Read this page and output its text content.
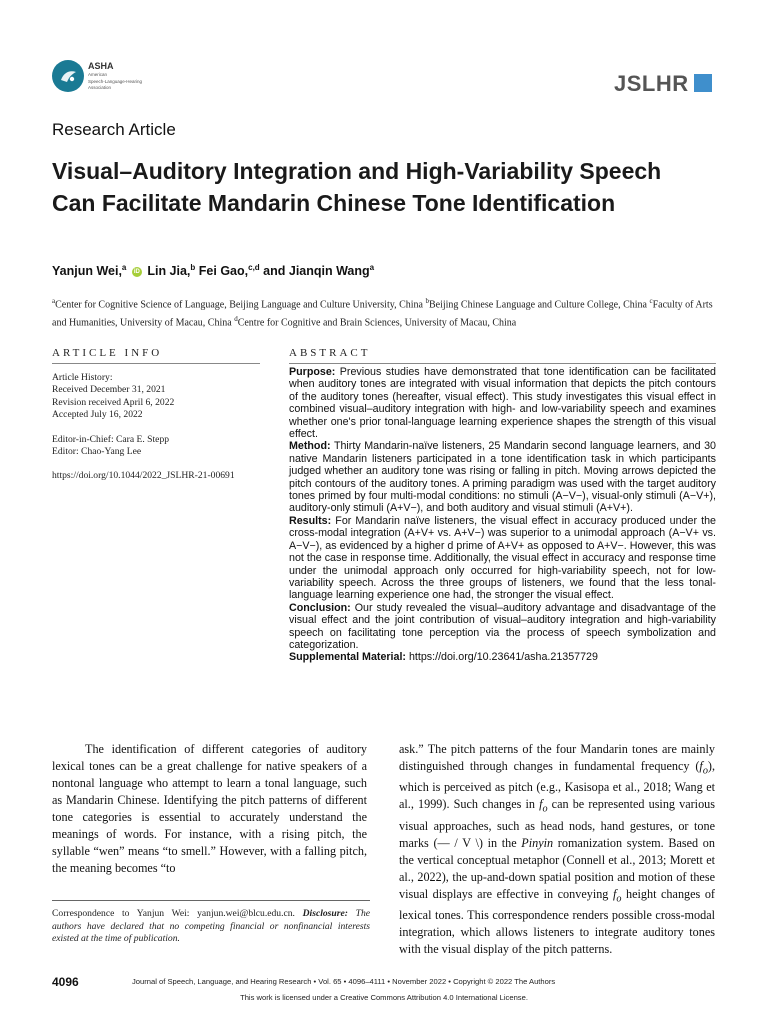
ASHA
American
Speech-Language-Hearing
Association	JSLHR
Research Article
Visual–Auditory Integration and High-Variability Speech Can Facilitate Mandarin Chinese Tone Identification
Yanjun Wei,$^a$ iD Lin Jia,$^b$ Fei Gao,$^{c,d}$ and Jianqin Wang$^a$
$^a$Center for Cognitive Science of Language, Beijing Language and Culture University, China $^b$Beijing Chinese Language and Culture College, China $^c$Faculty of Arts and Humanities, University of Macau, China $^d$Centre for Cognitive and Brain Sciences, University of Macau, China
ARTICLE INFO	ABSTRACT

Article History:
Received December 31, 2021
Revision received April 6, 2022
Accepted July 16, 2022

Editor-in-Chief: Cara E. Stepp
Editor: Chao-Yang Lee

https://doi.org/10.1044/2022_JSLHR-21-00691

Purpose: Previous studies have demonstrated that tone identification can be facilitated when auditory tones are integrated with visual information that depicts the pitch contours of the auditory tones (hereafter, visual effect). This study investigates this visual effect in combined visual–auditory integration with high- and low-variability speech and examines whether one's prior tonal-language learning experience shapes the strength of this visual effect.

Method: Thirty Mandarin-naïve listeners, 25 Mandarin second language learners, and 30 native Mandarin listeners participated in a tone identification task in which participants judged whether an auditory tone was rising or falling in pitch. Moving arrows depicted the pitch contours of the auditory tones. A priming paradigm was used with the target auditory tones primed by four multi-modal conditions: no stimuli (A−V−), visual-only stimuli (A−V+), auditory-only stimuli (A+V−), and both auditory and visual stimuli (A+V+).

Results: For Mandarin naïve listeners, the visual effect in accuracy produced under the cross-modal integration (A+V+ vs. A+V−) was superior to a unimodal approach (A−V+ vs. A−V−), as evidenced by a higher d prime of A+V+ as opposed to A+V−. However, this was not the case in response time. Additionally, the visual effect in accuracy and response time under the unimodal approach only occurred for high-variability speech, not for low-variability speech. Across the three groups of listeners, we found that the less tonal-language learning experience one had, the stronger the visual effect.

Conclusion: Our study revealed the visual–auditory advantage and disadvantage of the visual effect and the joint contribution of visual–auditory integration and high-variability speech on facilitating tone perception via the process of speech symbolization and categorization.

Supplemental Material: https://doi.org/10.23641/asha.21357729

The identification of different categories of auditory lexical tones can be a great challenge for native speakers of a nontonal language who attempt to learn a tonal language, such as Mandarin Chinese. Identifying the pitch patterns of different tone categories is essential to accurately understand the meanings of words. For instance, with a rising pitch, the syllable “wen” means “to smell.” However, with a falling pitch, the meaning becomes “to

ask.” The pitch patterns of the four Mandarin tones are mainly distinguished through changes in fundamental frequency $(f_o)$, which is perceived as pitch (e.g., Kasisopa et al., 2018; Wang et al., 1999). Such changes in $f_o$ can be represented using various visual approaches, such as head nods, hand gestures, or tone marks (— / V \) in the Pinyin romanization system. Based on the vertical conceptual metaphor (Connell et al., 2013; Morett et al., 2022), the up-and-down spatial position and motion of these visual displays are effective in conveying $f_o$ height changes of lexical tones. This correspondence renders possible cross-modal integration, which allows listeners to integrate auditory tones with the visual display of the pitch patterns.

Correspondence to Yanjun Wei: yanjun.wei@blcu.edu.cn. Disclosure: The authors have declared that no competing financial or nonfinancial interests existed at the time of publication.
4096	Journal of Speech, Language, and Hearing Research • Vol. 65 • 4096–4111 • November 2022 • Copyright © 2022 The Authors
This work is licensed under a Creative Commons Attribution 4.0 International License.
